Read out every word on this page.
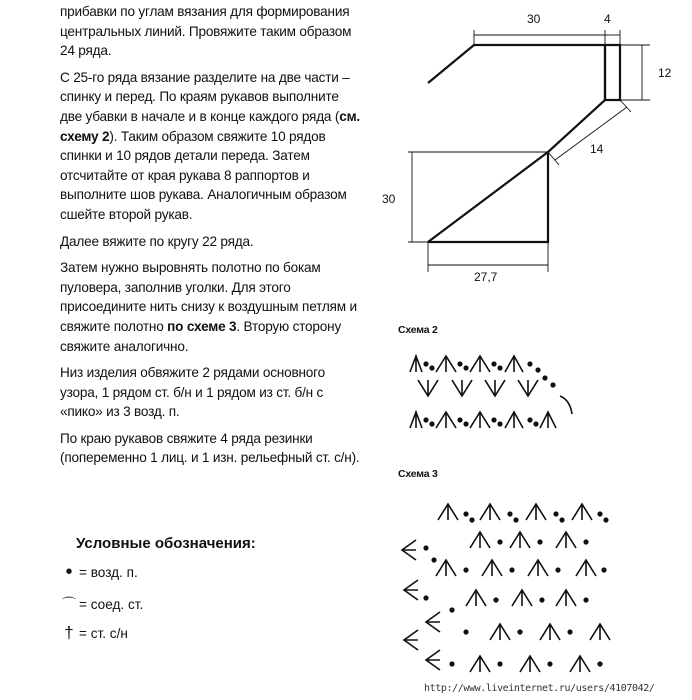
прибавки по углам вязания для формирования центральных линий. Провяжите таким образом 24 ряда.

С 25-го ряда вязание разделите на две части – спинку и перед. По краям рукавов выполните две убавки в начале и в конце каждого ряда (см. схему 2). Таким образом свяжите 10 рядов спинки и 10 рядов детали переда. Затем отсчитайте от края рукава 8 раппортов и выполните шов рукава. Аналогичным образом сшейте второй рукав.

Далее вяжите по кругу 22 ряда.

Затем нужно выровнять полотно по бокам пуловера, заполнив уголки. Для этого присоедините нить снизу к воздушным петлям и свяжите полотно по схеме 3. Вторую сторону свяжите аналогично.

Низ изделия обвяжите 2 рядами основного узора, 1 рядом ст. б/н и 1 рядом из ст. б/н с «пико» из 3 возд. п.

По краю рукавов свяжите 4 ряда резинки (попеременно 1 лиц. и 1 изн. рельефный ст. с/н).

Условные обозначения:
• = возд. п.
⌒ = соед. ст.
† = ст. с/н
30	4
12
14
30
27,7
Схема 2
Схема 3
http://www.liveinternet.ru/users/4107042/
